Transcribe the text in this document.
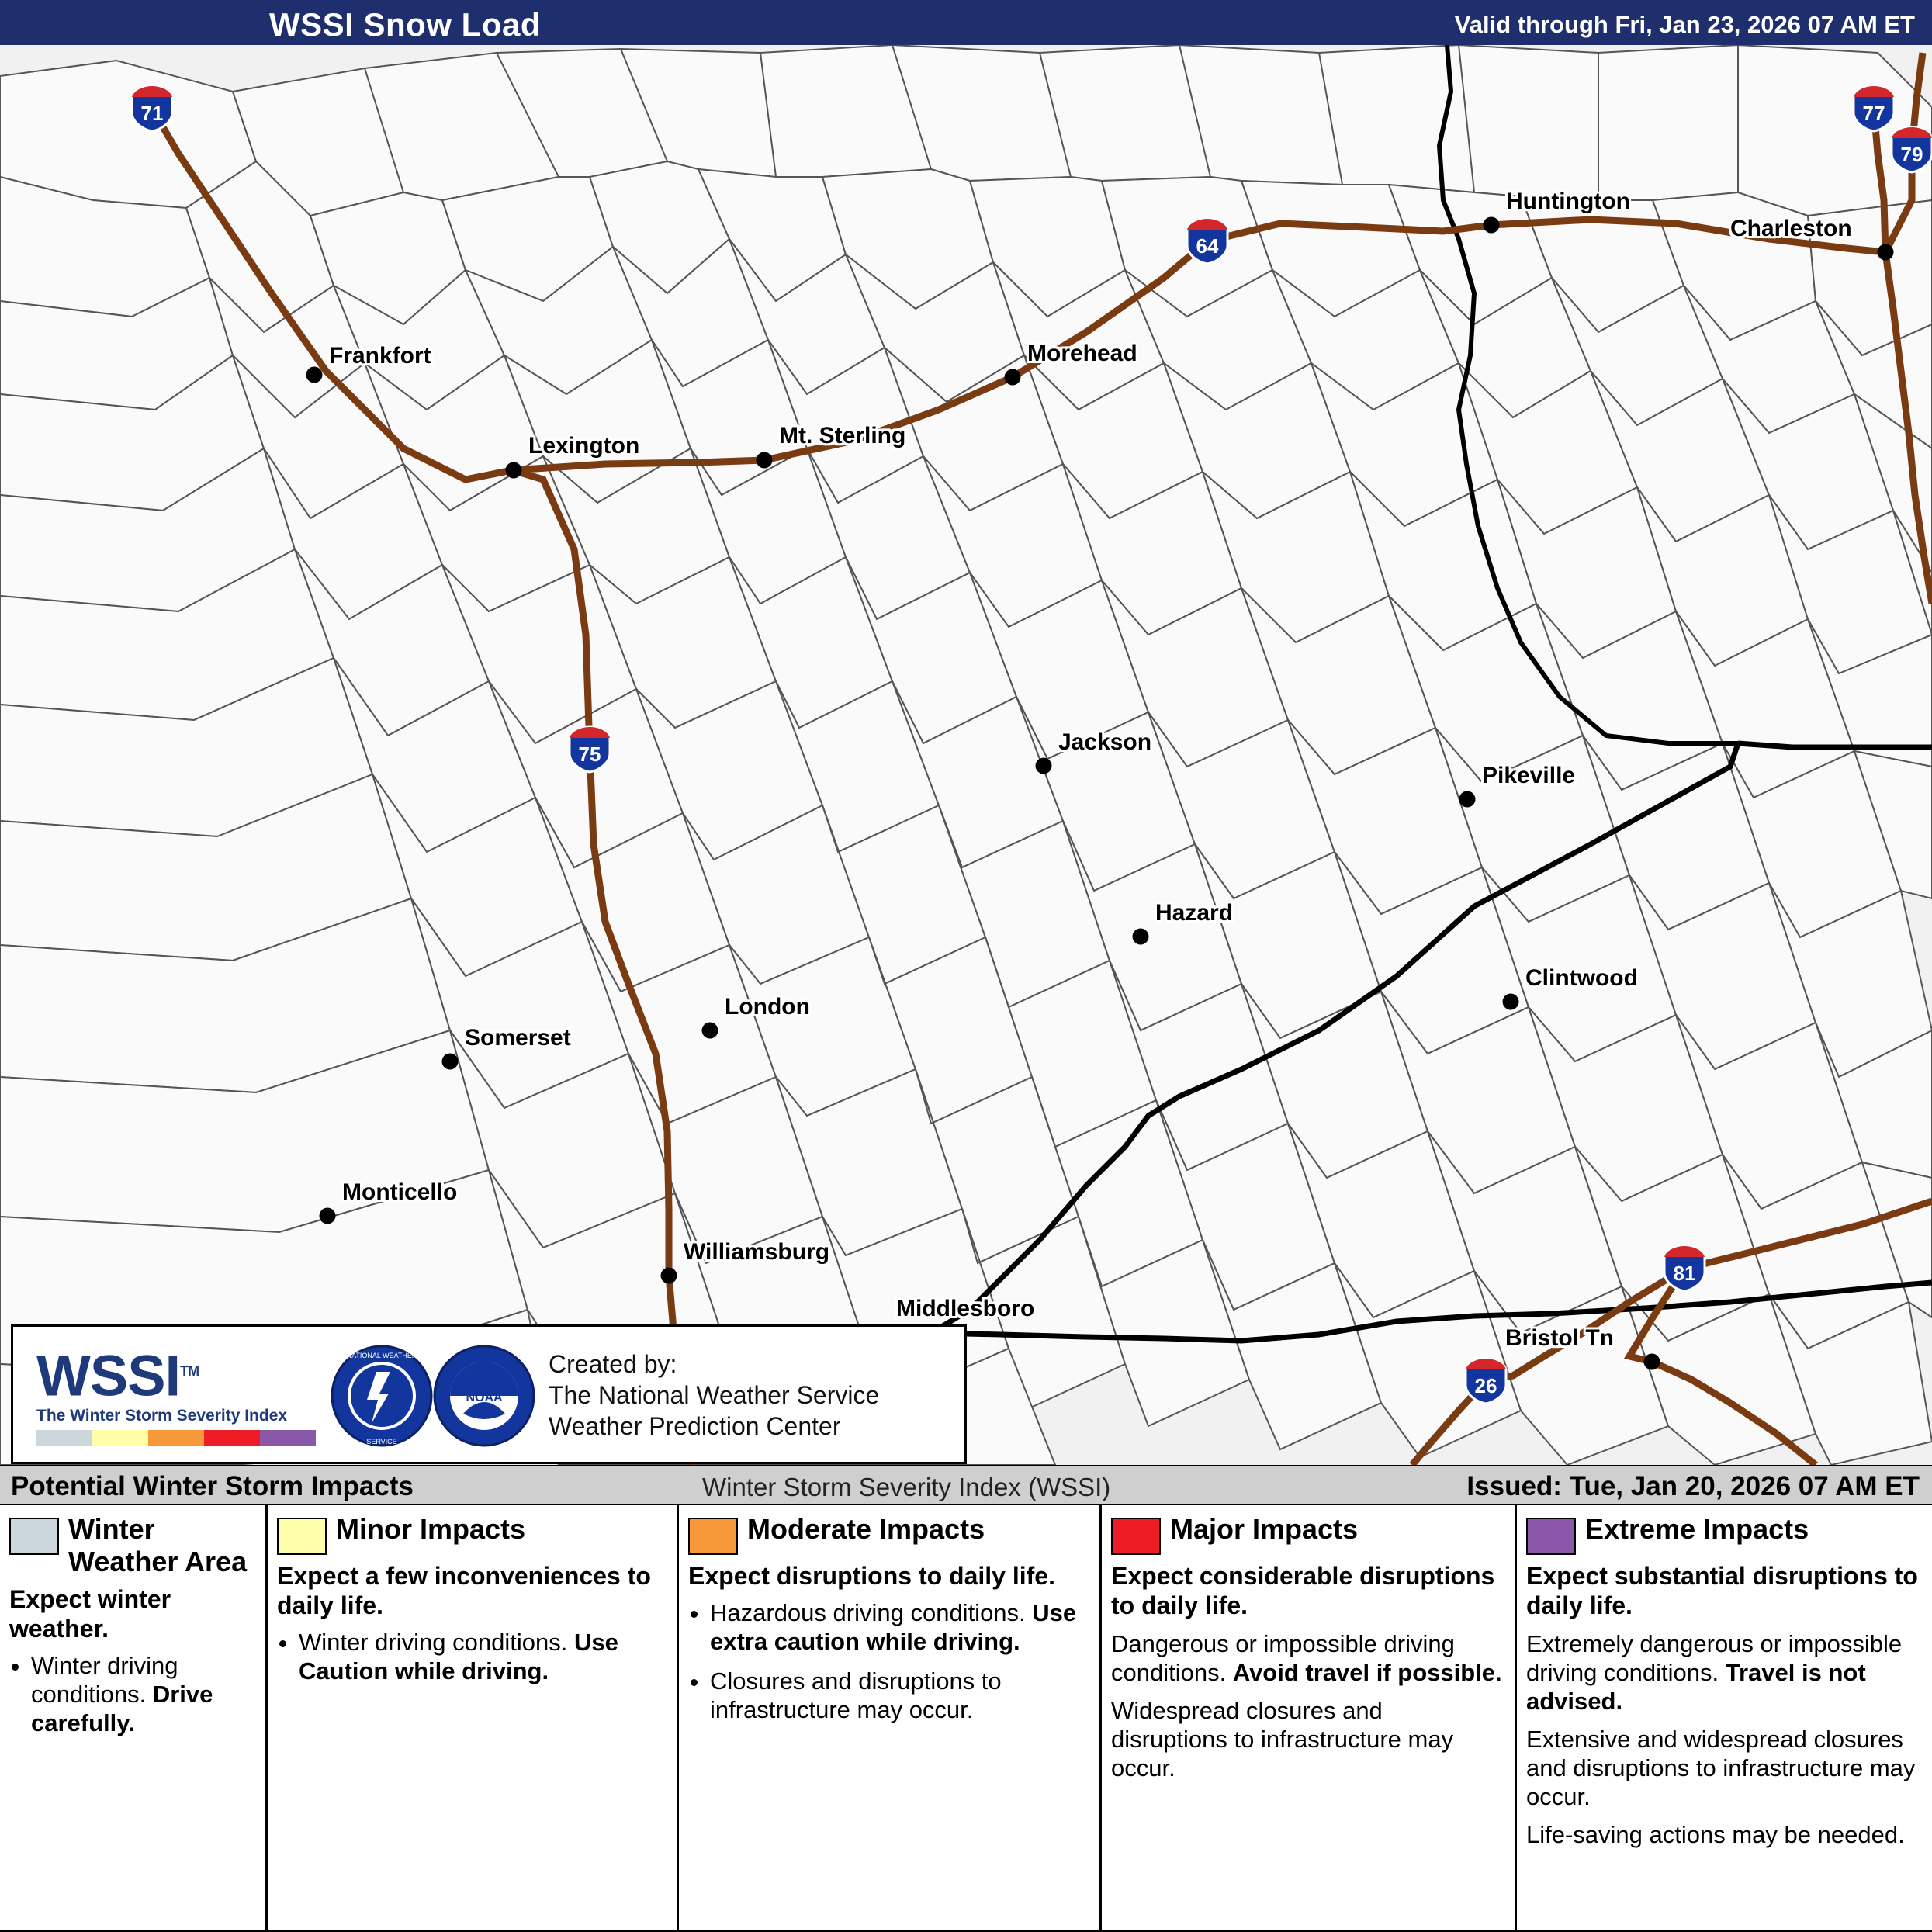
WSSI Snow Load	Valid through Fri, Jan 23, 2026 07 AM ET
Frankfort
Lexington	Mt. Sterling
Morehead
Huntington
Charleston
Jackson
Pikeville
Hazard
Clintwood
Somerset
London
Monticello
Williamsburg
Middlesboro
Bristol Tn
71	77
79
64
75
81
26
WSSI™
The Winter Storm Severity Index
NATIONAL WEATHER
SERVICE
NOAA
Created by:
The National Weather Service
Weather Prediction Center
Potential Winter Storm Impacts	Winter Storm Severity Index (WSSI)	Issued: Tue, Jan 20, 2026 07 AM ET
Winter Weather Area
Expect winter weather.
• Winter driving conditions. Drive carefully.
Minor Impacts
Expect a few inconveniences to daily life.
• Winter driving conditions. Use Caution while driving.
Moderate Impacts
Expect disruptions to daily life.
• Hazardous driving conditions. Use extra caution while driving.
• Closures and disruptions to infrastructure may occur.
Major Impacts
Expect considerable disruptions to daily life.

Dangerous or impossible driving conditions. Avoid travel if possible.

Widespread closures and disruptions to infrastructure may occur.

Extreme Impacts
Expect substantial disruptions to daily life.

Extremely dangerous or impossible driving conditions. Travel is not advised.

Extensive and widespread closures and disruptions to infrastructure may occur.

Life-saving actions may be needed.
